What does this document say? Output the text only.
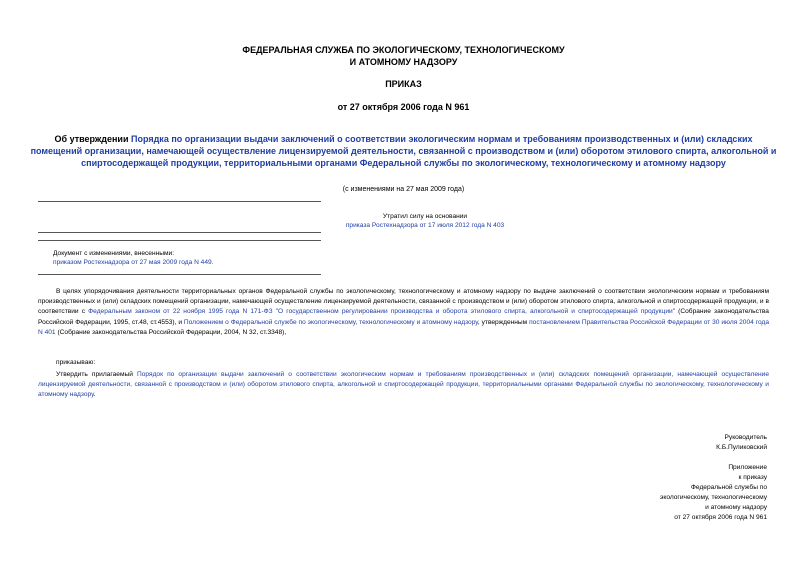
ФЕДЕРАЛЬНАЯ СЛУЖБА ПО ЭКОЛОГИЧЕСКОМУ, ТЕХНОЛОГИЧЕСКОМУ
И АТОМНОМУ НАДЗОРУ
ПРИКАЗ
от 27 октября 2006 года N 961
Об утверждении Порядка по организации выдачи заключений о соответствии экологическим нормам и требованиям производственных и (или) складских помещений организации, намечающей осуществление лицензируемой деятельности, связанной с производством и (или) оборотом этилового спирта, алкогольной и спиртосодержащей продукции, территориальными органами Федеральной службы по экологическому, технологическому и атомному надзору
(с изменениями на 27 мая 2009 года)
Утратил силу на основании
приказа Ростехнадзора от 17 июля 2012 года N 403
Документ с изменениями, внесенными:
приказом Ростехнадзора от 27 мая 2009 года N 449.
В целях упорядочивания деятельности территориальных органов Федеральной службы по экологическому, технологическому и атомному надзору по выдаче заключений о соответствии экологическим нормам и требованиям производственных и (или) складских помещений организации, намечающей осуществление лицензируемой деятельности, связанной с производством и (или) оборотом этилового спирта, алкогольной и спиртосодержащей продукции, и в соответствии с Федеральным законом от 22 ноября 1995 года N 171-ФЗ "О государственном регулировании производства и оборота этилового спирта, алкогольной и спиртосодержащей продукции" (Собрание законодательства Российской Федерации, 1995, ст.48, ст.4553), и Положением о Федеральной службе по экологическому, технологическому и атомному надзору, утвержденным постановлением Правительства Российской Федерации от 30 июля 2004 года N 401 (Собрание законодательства Российской Федерации, 2004, N 32, ст.3348),
приказываю:
Утвердить прилагаемый Порядок по организации выдачи заключений о соответствии экологическим нормам и требованиям производственных и (или) складских помещений организации, намечающей осуществление лицензируемой деятельности, связанной с производством и (или) оборотом этилового спирта, алкогольной и спиртосодержащей продукции, территориальными органами Федеральной службы по экологическому, технологическому и атомному надзору.
Руководитель
К.Б.Пуликовский
Приложение
к приказу
Федеральной службы по
экологическому, технологическому
и атомному надзору
от 27 октября 2006 года N 961
